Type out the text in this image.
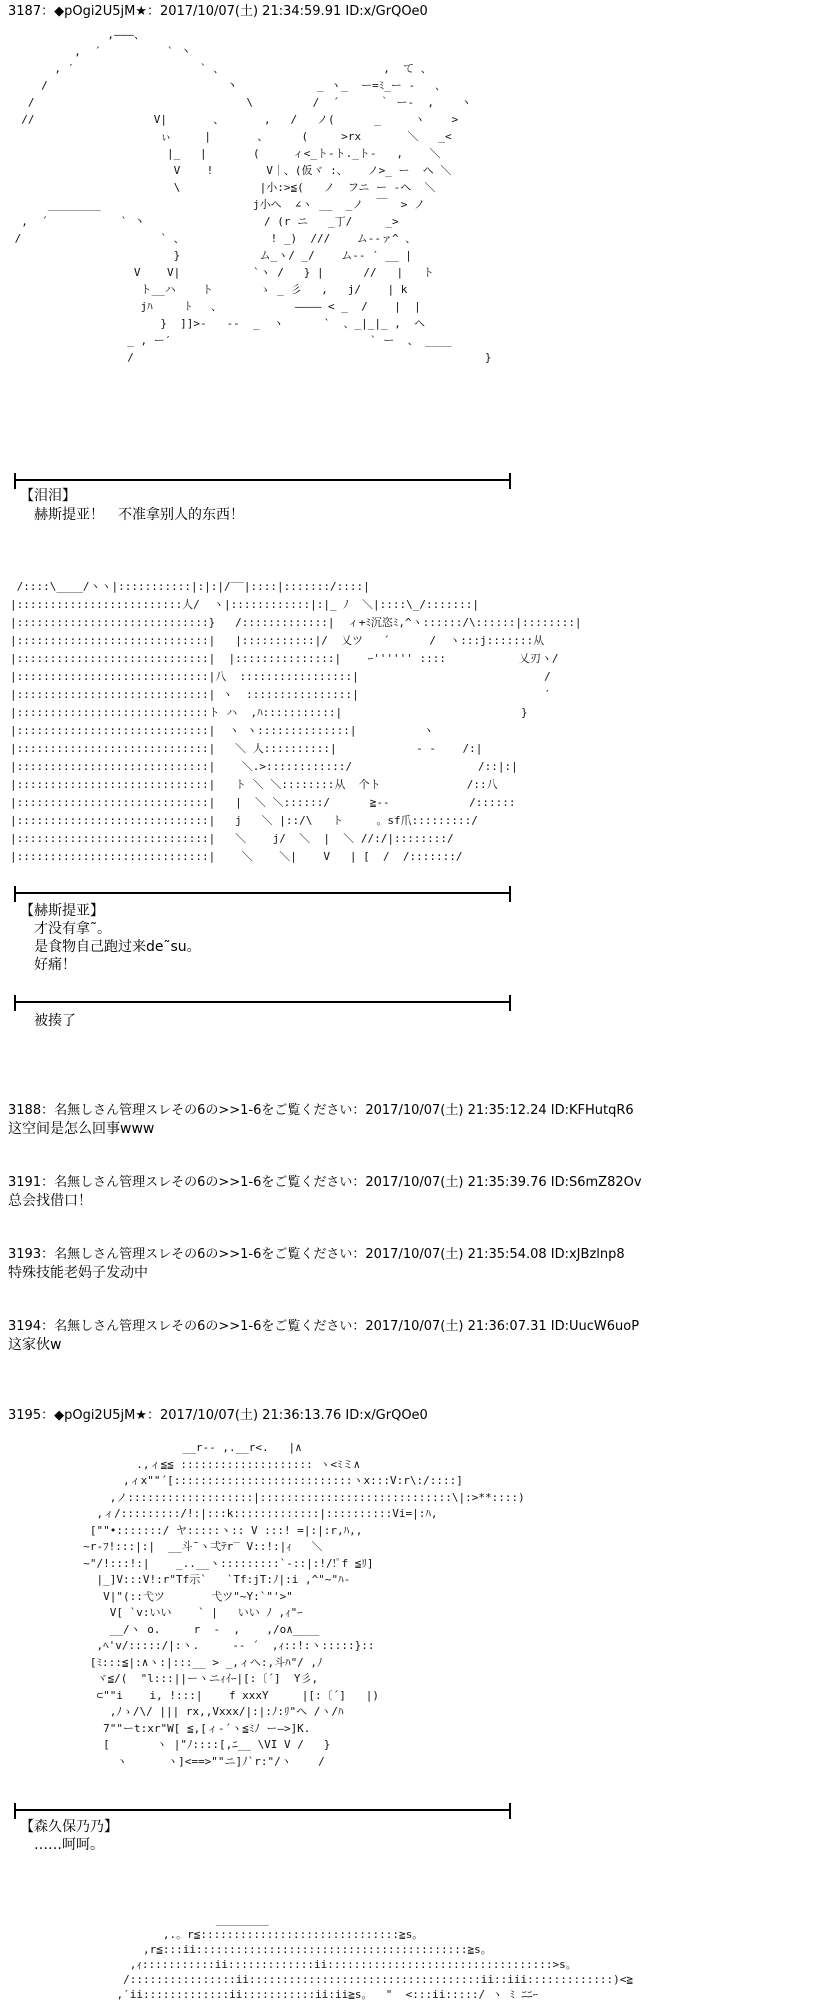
3187：◆pOgi2U5jM★：2017/10/07(土) 21:34:59.91 ID:x/GrQOe0
,———、
,  ´          ` 丶
, ′                   ` 、                        ,  て 、
/                           丶            _ ヽ_  ー=ﾐ_ー -   、
/                                \         /  ´      ｀ ー-  ,    ヽ
//                  V|       、      ,   /   ノ(      _     ヽ    >
ぃ     |       、     (     >rx       ＼   _<
|_   |       (     ィ<_ト‐ト._ト-   ,    ＼
V    !        V｜、(仮ヾ :、   ノ>_ ー  ヘ ＼
\            |小:>≦(   ノ  フニ ー -ヘ  ＼
________                       j小ヘ  ∠ヽ __  _ノ  ￣  > ノ
,  ´           ` 丶                  / (r ニ   _丁/     _>
/                     ` 、             ! _)  ///    ム-‐ァ^ 、
}            ム_ヽ/ _/    ム-‐ ′ __ |
V    V|           `ヽ /   } |      //   |   ト
ト__ハ    ト       ゝ _ 彡   ,   j/    | k
jﾊ     ﾄ   、           ―――― < _  /    |  |
}  ]]>-   --  _  ヽ      `  、_|_|_ ,  ヘ
_ , ー′                              ` ー  、 ____
/                                                     }
【泪泪】
赫斯提亚！　不准拿别人的东西！
/::::\____/ヽヽ|:::::::::::|:|:|/‾‾|::::|:::::::/::::|
|:::::::::::::::::::::::::人/  ヽ|::::::::::::|:|_ ﾉ  ＼|::::\_/:::::::|
|:::::::::::::::::::::::::::::}   /:::::::::::::|  ィ+ﾐ沉恣ﾐ,^ヽ::::::/\::::::|::::::::|
|:::::::::::::::::::::::::::::|   |:::::::::::|/  乂ツ   ´      /  ヽ:::j:::::::从
|:::::::::::::::::::::::::::::|  |:::::::::::::::|    ｰ'''''' ::::           乂刃ヽ/
|:::::::::::::::::::::::::::::|八  :::::::::::::::::|                            /
|:::::::::::::::::::::::::::::| ヽ  ::::::::::::::::|                            ′
|:::::::::::::::::::::::::::::ト ハ  ,ﾊ:::::::::::|                           }
|:::::::::::::::::::::::::::::|  ヽ ヽ::::::::::::::|          ヽ
|:::::::::::::::::::::::::::::|   ＼ 人::::::::::|            ‐ ‐    /:|
|:::::::::::::::::::::::::::::|    ＼.>::::::::::::/                   /::|:|
|:::::::::::::::::::::::::::::|   ト ＼ ＼::::::::从  个ト             /::八
|:::::::::::::::::::::::::::::|   |  ＼ ＼::::::/      ≧--            /::::::
|:::::::::::::::::::::::::::::|   j   ＼ |::/\   ト     。sf爪:::::::::/
|:::::::::::::::::::::::::::::|   ＼    j/  ＼  |  ＼ //:/|::::::::/
|:::::::::::::::::::::::::::::|    ＼    ＼|    V   | [  /  /:::::::/
【赫斯提亚】
才没有拿˜。
是食物自己跑过来de˜su。
好痛！
被揍了
3188：名無しさん管理スレその6の>>1-6をご覧ください：2017/10/07(土) 21:35:12.24 ID:KFHutqR6
这空间是怎么回事www
3191：名無しさん管理スレその6の>>1-6をご覧ください：2017/10/07(土) 21:35:39.76 ID:S6mZ82Ov
总会找借口！
3193：名無しさん管理スレその6の>>1-6をご覧ください：2017/10/07(土) 21:35:54.08 ID:xJBzlnp8
特殊技能老妈子发动中
3194：名無しさん管理スレその6の>>1-6をご覧ください：2017/10/07(土) 21:36:07.31 ID:UucW6uoP
这家伙w
3195：◆pOgi2U5jM★：2017/10/07(土) 21:36:13.76 ID:x/GrQOe0
__r-- ,.__r<.   |∧
.,ィ≦≦ :::::::::::::::::::: ヽ<ﾐミ∧
,ィx""´[:::::::::::::::::::::::::::ヽx:::V:r\:/::::]
,ノ:::::::::::::::::::|:::::::::::::::::::::::::::::\|:>**::::)
,ィ/:::::::::/!:|:::k:::::::::::::|::::::::::Vi=|:ﾊ,
[""•:::::::/ ヤ:::::ヽ:: V :::! =|:|:r,ﾊ,,
~r-ﾌ!:::|:|  __斗¯ヽ弌ﾃr‾ V::!:|ｨ   ＼
~"/!:::!:|    _..__ヽ:::::::::`‐::|:!/!ﾟf ≦ﾘ]
|_]V:::V!:r"Tf示`   `Tf:jT:ﾉ|:i ,^"~"ﾊ-
V|"(::弋ツ       弋ツ"~Y:`"'>"
V[ `v:いい    ` |   いい ﾉ ,ｨ"ｰ
__/ヽ o.     r  -  ,    ,/o∧____
,ﾍ'v/:::::/|:ヽ.     -‐ ´  ,ｨ::!:ヽ:::::}::
[ﾐ:::≦|:∧ヽ:|:::__ > _,ィヘ:,斗ﾊ"/ ,ﾉ
ヾ≦/(  "l:::||ーヽニｨｲｰ|[:〔´]  Y彡,
⊂""i    i, !:::|    f xxxY     |[:〔´]   |)
,ﾉゝ/\/ ||| rx,,Vxxx/|:|:ﾉ:ﾘ"ヘ /ヽ/ﾊ
7""ーt:xr"W[ ≦,[ィ-´ヽ≦ﾐﾉ ー—>]K.
[       ヽ |"ﾉ::::[,ﾆ__ \VI V /   }
ヽ      ヽ]<==>""ニ]ﾉ`r:"/ヽ    /
【森久保乃乃】
……呵呵。
________
,.。r≦::::::::::::::::::::::::::::::≧s。
,r≦:::ii:::::::::::::::::::::::::::::::::::::::::≧s。
,ｨ:::::::::::ii:::::::::::::ii::::::::::::::::::::::::::::::::::>s。
/::::::::::::::::ii:::::::::::::::::::::::::::::::::::ii::iii:::::::::::::)<≧
,′ii:::::::::::::ii:::::::::::ii:ii≧s。  "  <:::ii:::::/ ヽ ﾐ ﾆﾆｰ
